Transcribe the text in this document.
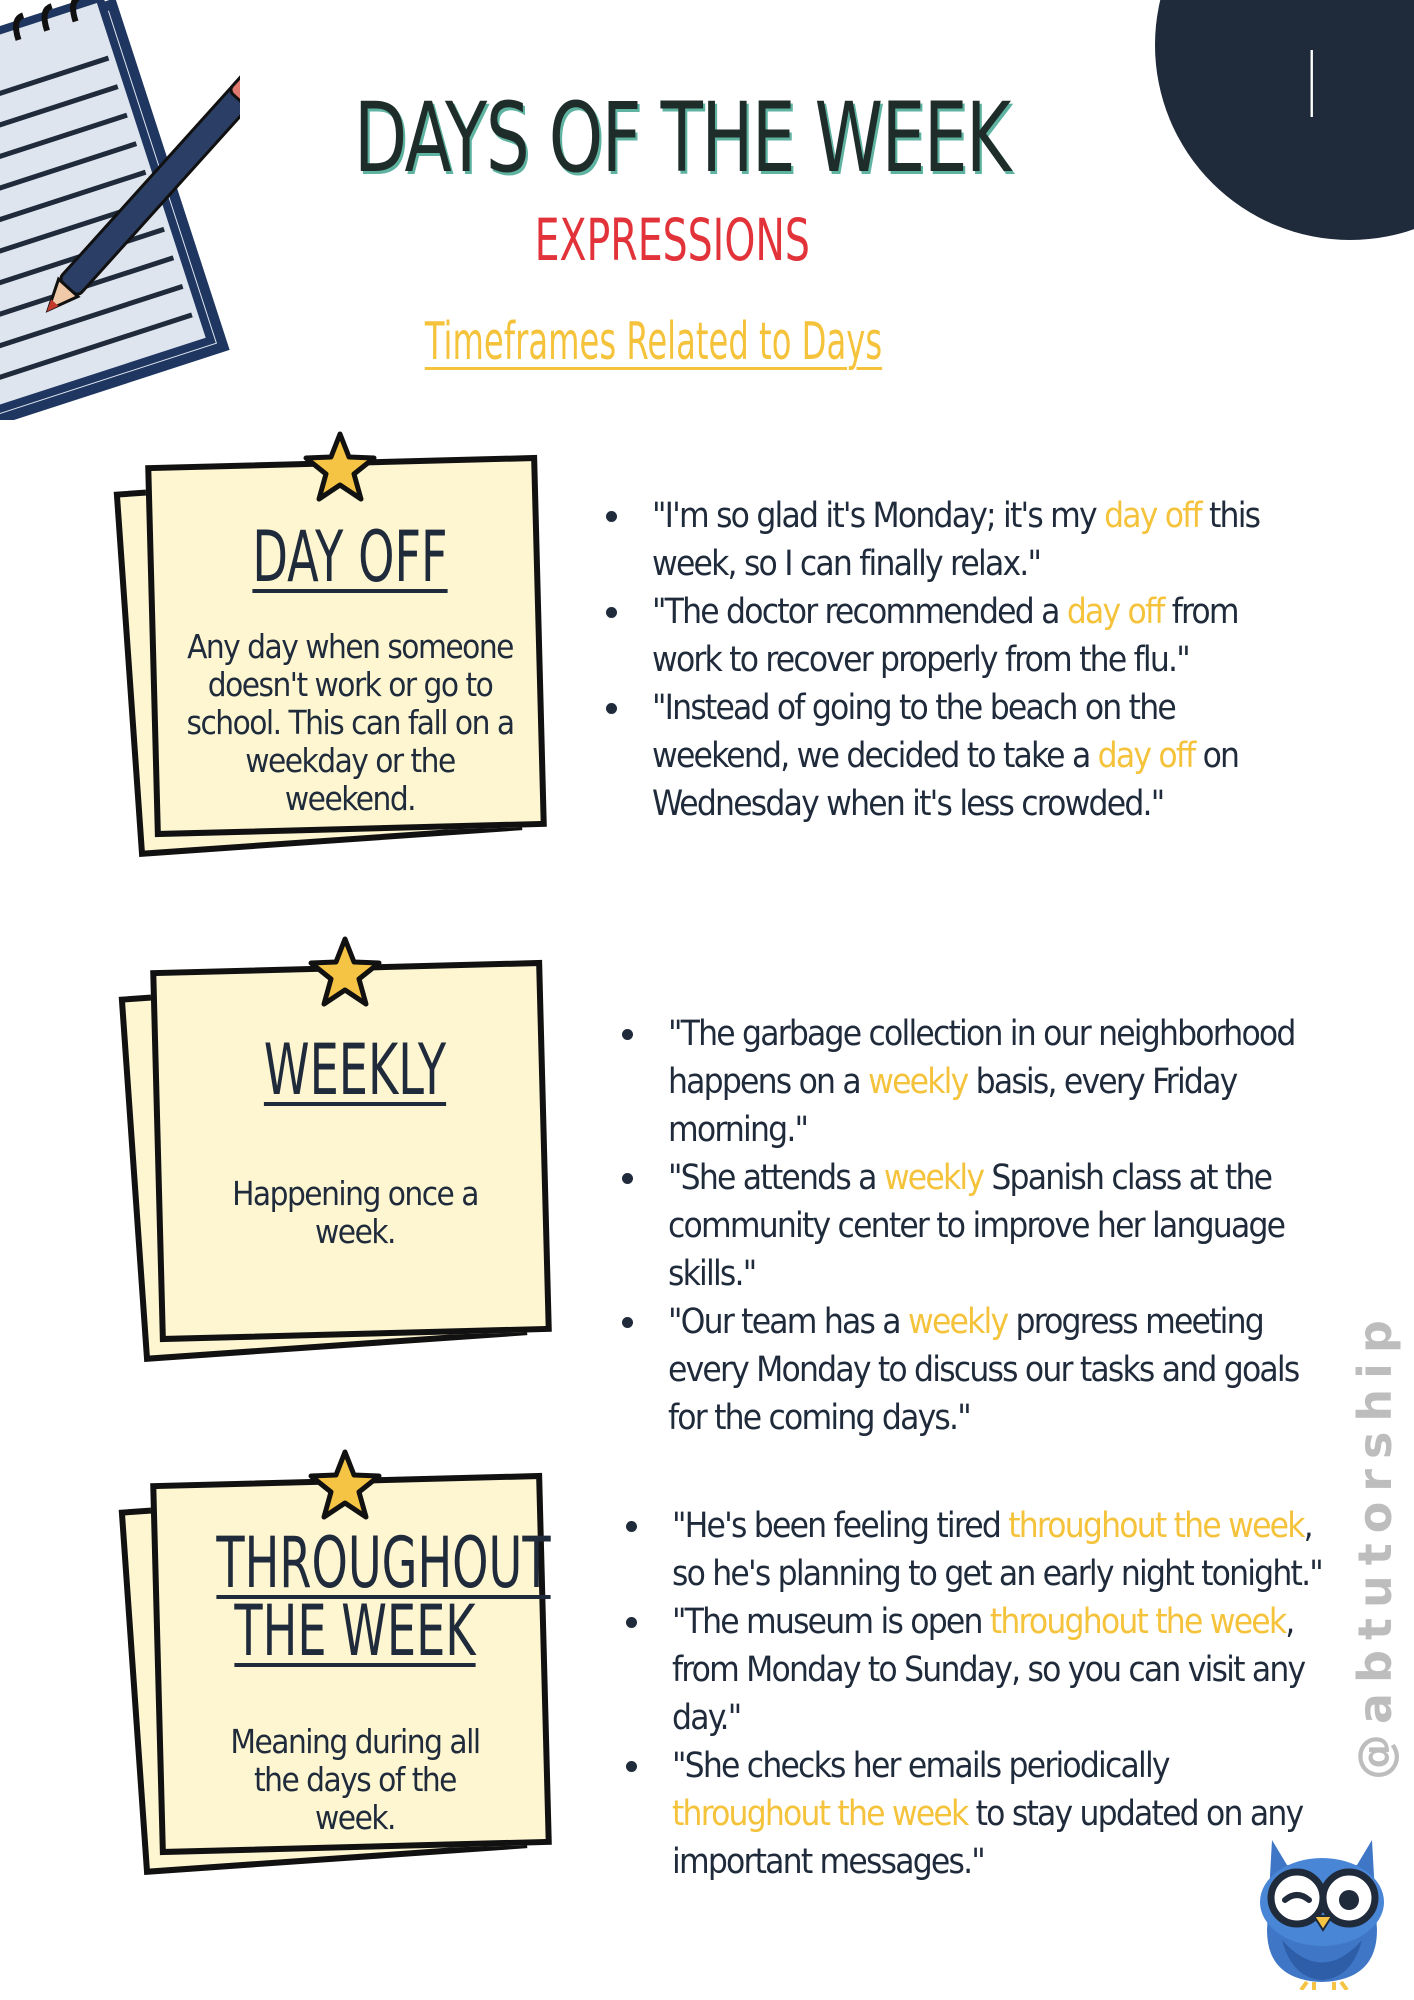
I
DAYS OF THE WEEK
EXPRESSIONS
Timeframes Related to Days
DAY OFF
Any day when someone doesn't work or go to school. This can fall on a weekday or the weekend.
"I'm so glad it's Monday; it's my day off this week, so I can finally relax."
"The doctor recommended a day off from work to recover properly from the flu."
"Instead of going to the beach on the weekend, we decided to take a day off on Wednesday when it's less crowded."
WEEKLY
Happening once a week.
"The garbage collection in our neighborhood happens on a weekly basis, every Friday morning."
"She attends a weekly Spanish class at the community center to improve her language skills."
"Our team has a weekly progress meeting every Monday to discuss our tasks and goals for the coming days."
THROUGHOUT
THE WEEK
Meaning during all the days of the week.
"He's been feeling tired throughout the week, so he's planning to get an early night tonight."
"The museum is open throughout the week, from Monday to Sunday, so you can visit any day."
"She checks her emails periodically throughout the week to stay updated on any important messages."
@abtutorship
